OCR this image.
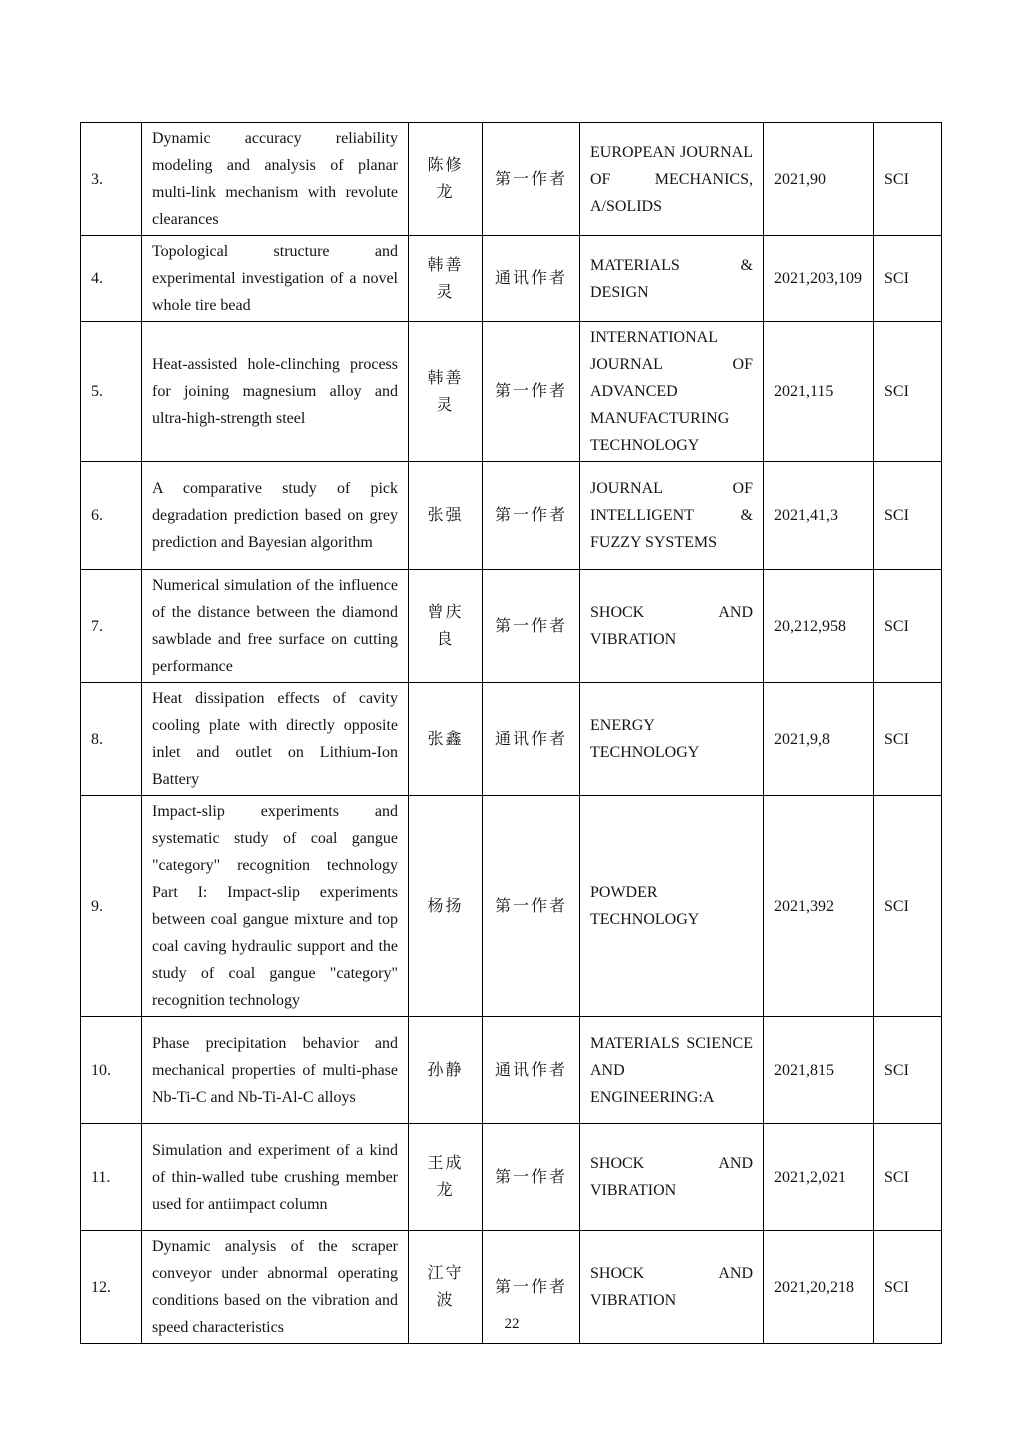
3.	Dynamic accuracy reliability modeling and analysis of planar multi-link mechanism with revolute clearances	陈修龙	第一作者	EUROPEAN JOURNAL OF MECHANICS, A/SOLIDS	2021,90	SCI
4.	Topological structure and experimental investigation of a novel whole tire bead	韩善灵	通讯作者	MATERIALS & DESIGN	2021,203,109	SCI
5.	Heat-assisted hole-clinching process for joining magnesium alloy and ultra-high-strength steel	韩善灵	第一作者	INTERNATIONAL JOURNAL OF ADVANCED MANUFACTURING TECHNOLOGY	2021,115	SCI
6.	A comparative study of pick degradation prediction based on grey prediction and Bayesian algorithm	张强	第一作者	JOURNAL OF INTELLIGENT & FUZZY SYSTEMS	2021,41,3	SCI
7.	Numerical simulation of the influence of the distance between the diamond sawblade and free surface on cutting performance	曾庆良	第一作者	SHOCK AND VIBRATION	20,212,958	SCI
8.	Heat dissipation effects of cavity cooling plate with directly opposite inlet and outlet on Lithium-Ion Battery	张鑫	通讯作者	ENERGY TECHNOLOGY	2021,9,8	SCI
9.	Impact-slip experiments and systematic study of coal gangue "category" recognition technology Part I: Impact-slip experiments between coal gangue mixture and top coal caving hydraulic support and the study of coal gangue "category" recognition technology	杨扬	第一作者	POWDER TECHNOLOGY	2021,392	SCI
10.	Phase precipitation behavior and mechanical properties of multi-phase Nb-Ti-C and Nb-Ti-Al-C alloys	孙静	通讯作者	MATERIALS SCIENCE AND ENGINEERING:A	2021,815	SCI
11.	Simulation and experiment of a kind of thin-walled tube crushing member used for antiimpact column	王成龙	第一作者	SHOCK AND VIBRATION	2021,2,021	SCI
12.	Dynamic analysis of the scraper conveyor under abnormal operating conditions based on the vibration and speed characteristics	江守波	第一作者	SHOCK AND VIBRATION	2021,20,218	SCI
22
